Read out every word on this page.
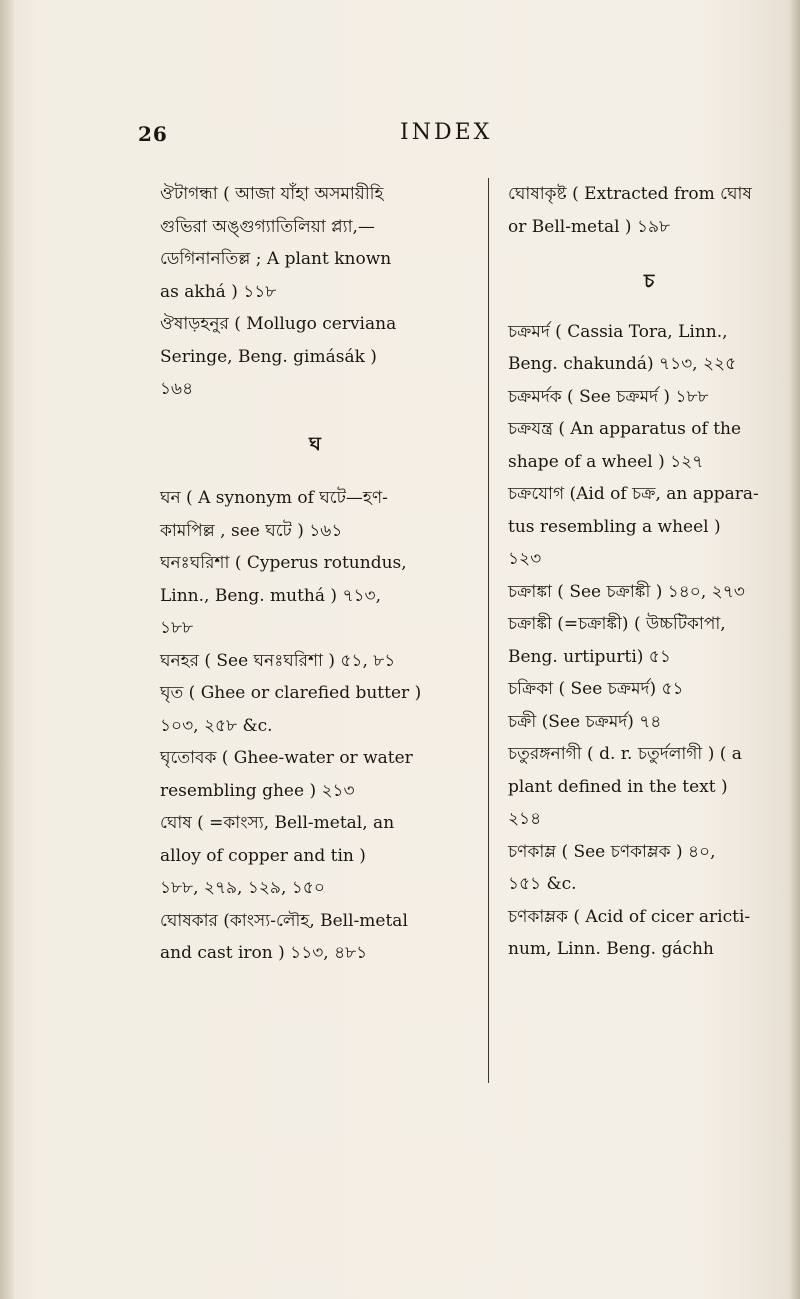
26	INDEX
ঔটাগন্ধা ( আজা যাঁহা অসমায়ীহি
গুভিরা অঙ্গুগ্যাতিলিয়া প্ল্যা,—
ডেগিনানতিল্ল ; A plant known
as akhá ) ১১৮
ঔষাড়হনুর ( Mollugo cerviana
Seringe, Beng. gimásák )
১৬৪
ঘ
ঘন ( A synonym of ঘটে—হণ-
কামপিল্ল , see ঘটে ) ১৬১
ঘনঃঘরিশা ( Cyperus rotundus,
Linn., Beng. muthá ) ৭১৩,
১৮৮
ঘনহর ( See ঘনঃঘরিশা ) ৫১, ৮১
ঘৃত ( Ghee or clarefied butter )
১০৩, ২৫৮ &c.
ঘৃতোবক ( Ghee-water or water
resembling ghee ) ২১৩
ঘোষ ( =কাংস্য, Bell-metal, an
alloy of copper and tin )
১৮৮, ২৭৯, ১২৯, ১৫০
ঘোষকার (কাংস্য-লৌহ, Bell-metal
and cast iron ) ১১৩, ৪৮১
ঘোষাকৃষ্ট ( Extracted from ঘোষ
or Bell-metal ) ১৯৮
চ
চক্রমর্দ ( Cassia Tora, Linn.,
Beng. chakundá) ৭১৩, ২২৫
চক্রমর্দক ( See চক্রমর্দ ) ১৮৮
চক্রযন্ত্র ( An apparatus of the
shape of a wheel ) ১২৭
চক্রযোগ (Aid of চক্র, an appara-
tus resembling a wheel )
১২৩
চক্রাঙ্কা ( See চক্রাঙ্কী ) ১৪০, ২৭৩
চক্রাঙ্কী (=চক্রাঙ্কী) ( উচ্চটিকাপা,
Beng. urtipurti) ৫১
চক্রিকা ( See চক্রমর্দ) ৫১
চক্রী (See চক্রমর্দ) ৭৪
চতুরঙ্গনাগী ( d. r. চতুর্দলাগী ) ( a
plant defined in the text )
২১৪
চণকাম্ল ( See চণকাম্লক ) ৪০,
১৫১ &c.
চণকাম্লক ( Acid of cicer aricti-
num, Linn. Beng. gáchh
